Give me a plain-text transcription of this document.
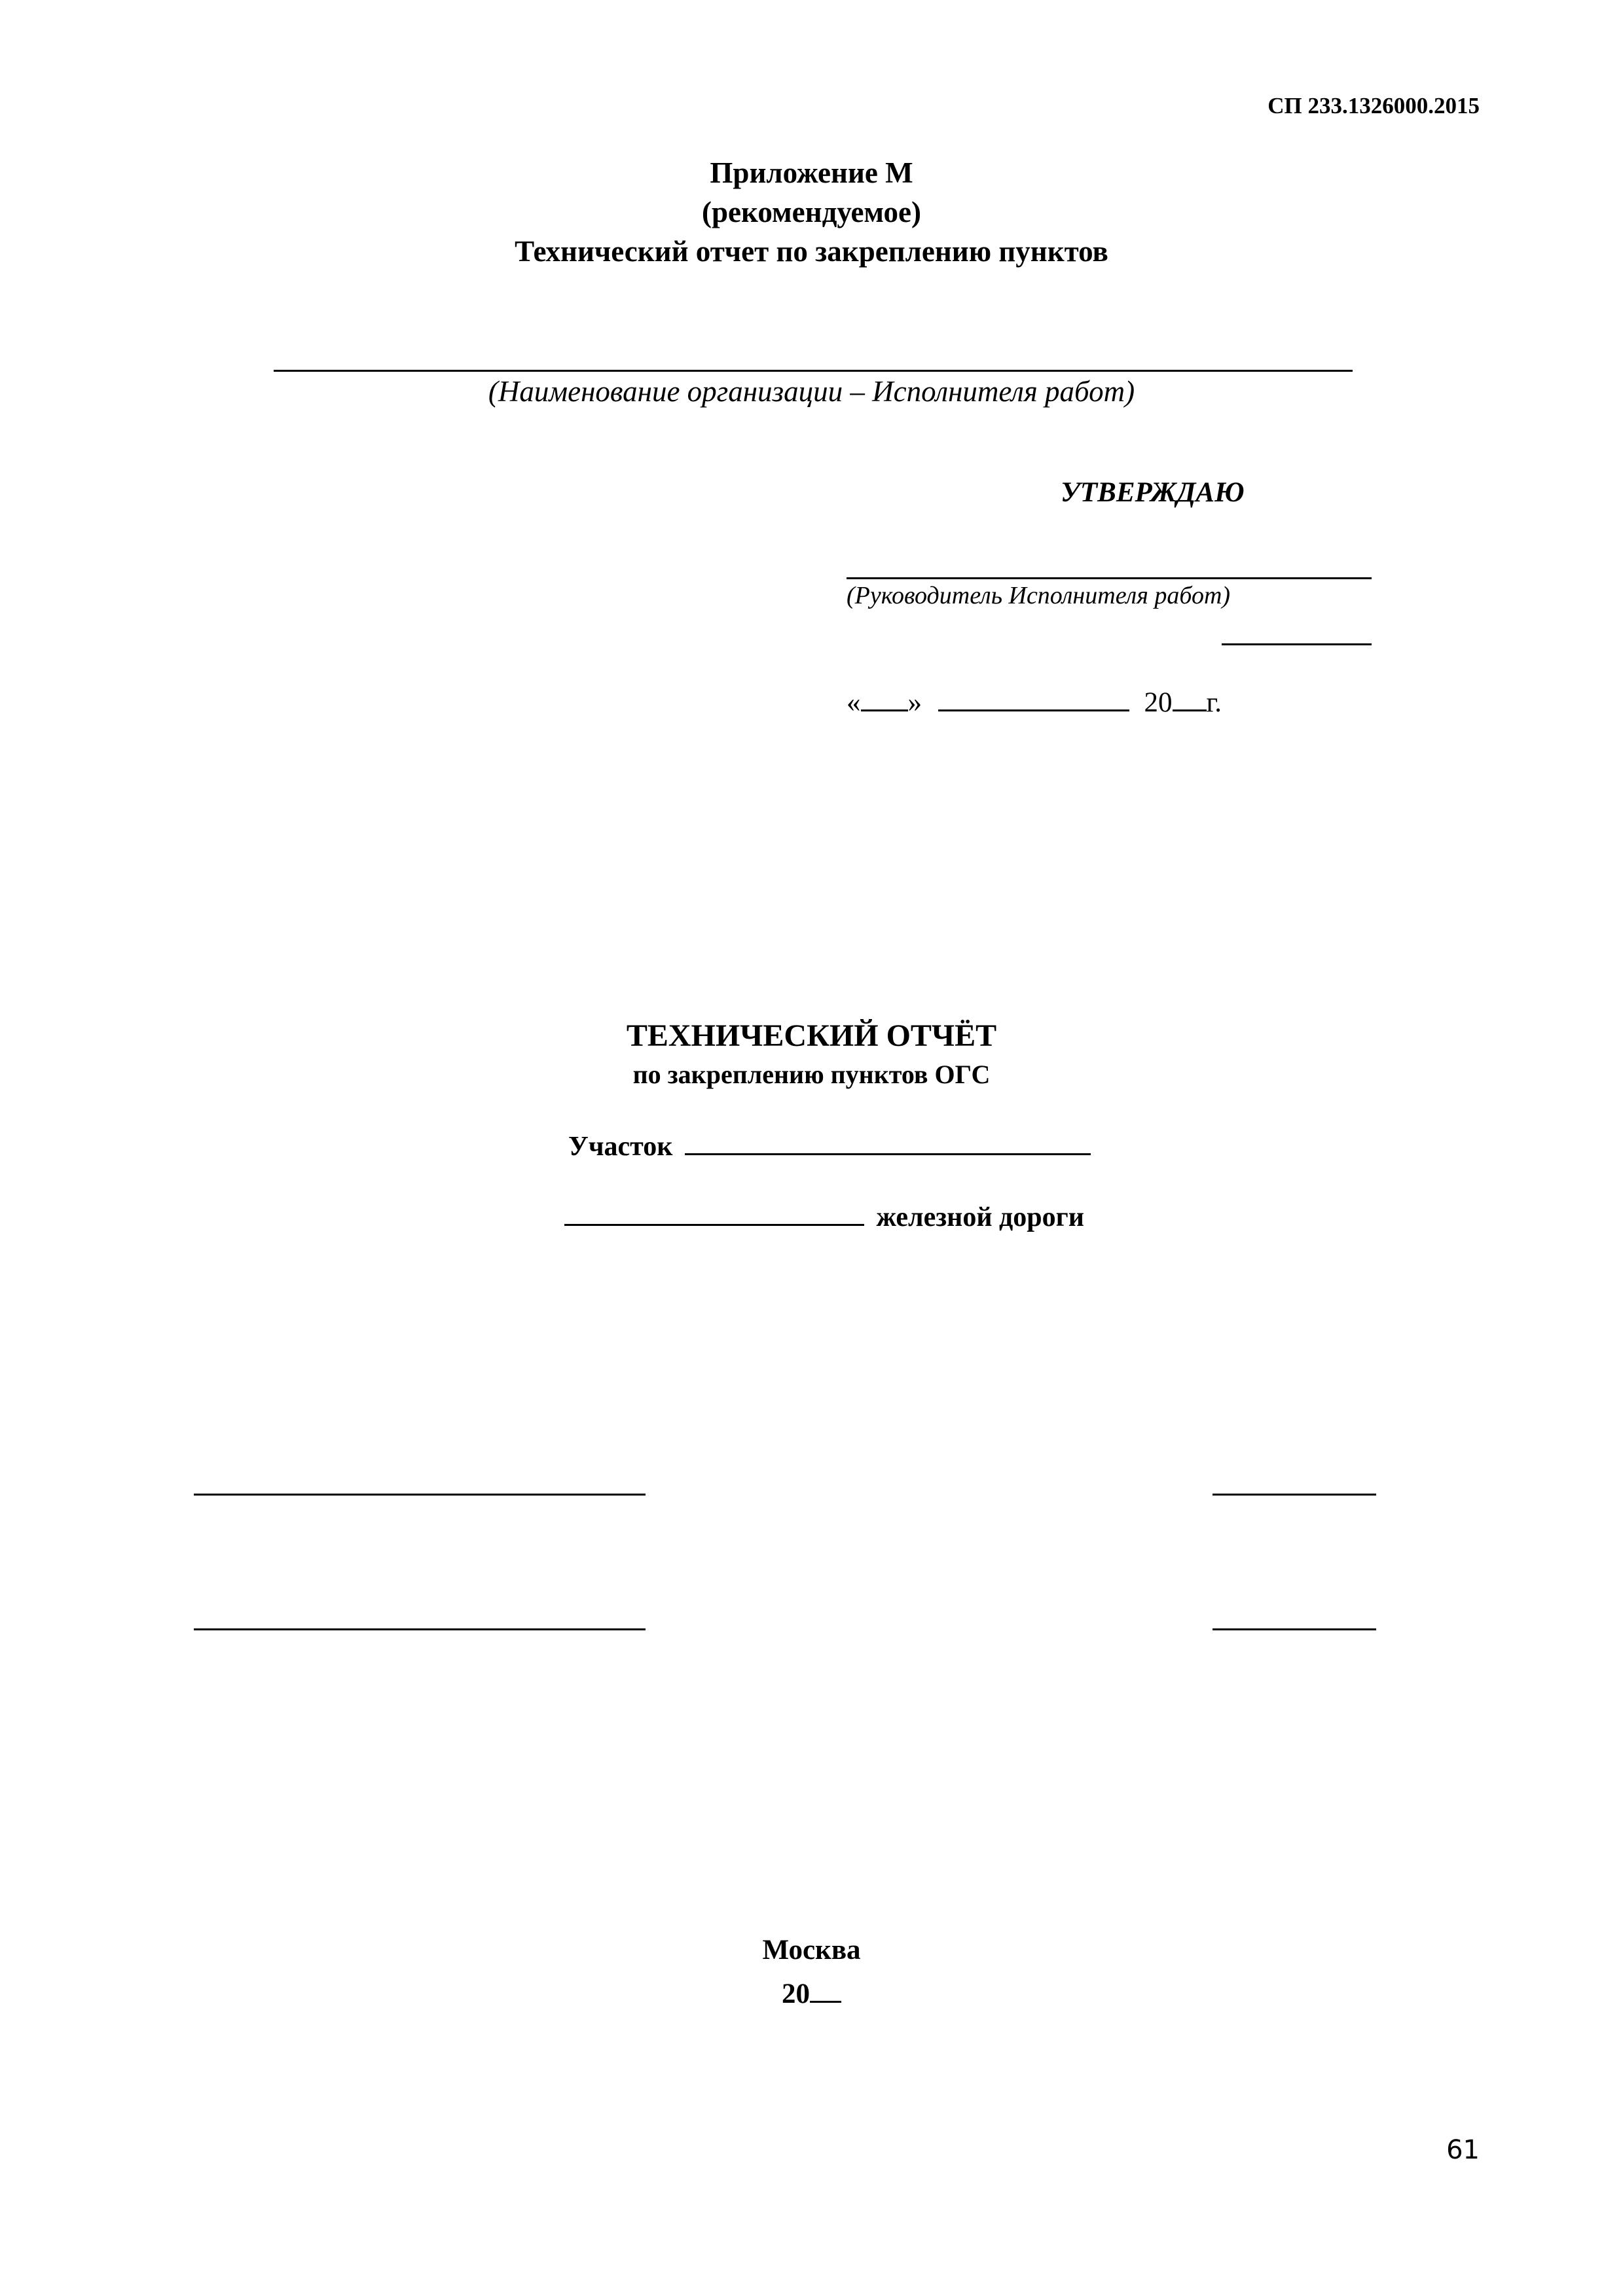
СП 233.1326000.2015
Приложение М
(рекомендуемое)
Технический отчет по закреплению пунктов
(Наименование организации – Исполнителя работ)
УТВЕРЖДАЮ
(Руководитель Исполнителя работ)
« »	20 г.
ТЕХНИЧЕСКИЙ ОТЧЁТ
по закреплению пунктов ОГС
Участок
железной дороги
Москва
20
61
